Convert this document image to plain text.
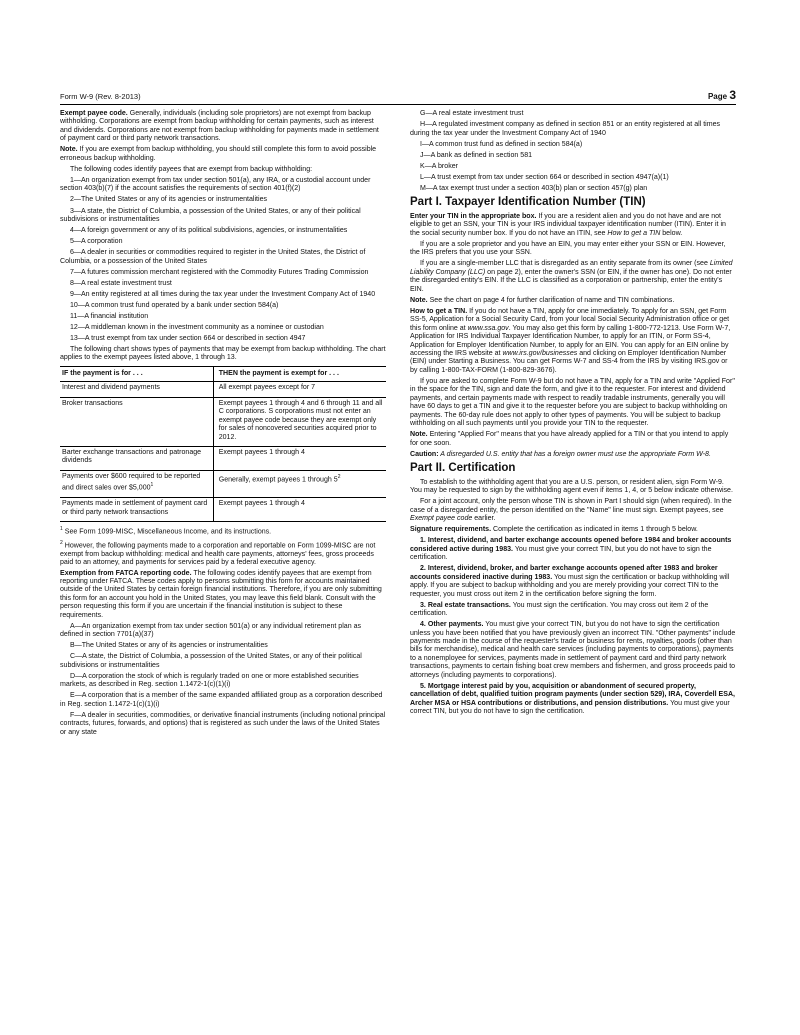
Form W-9 (Rev. 8-2013)	Page 3

Exempt payee code. Generally, individuals (including sole proprietors) are not exempt from backup withholding. Corporations are exempt from backup withholding for certain payments, such as interest and dividends. Corporations are not exempt from backup withholding for payments made in settlement of payment card or third party network transactions.

Note. If you are exempt from backup withholding, you should still complete this form to avoid possible erroneous backup withholding.

The following codes identify payees that are exempt from backup withholding:

1—An organization exempt from tax under section 501(a), any IRA, or a custodial account under section 403(b)(7) if the account satisfies the requirements of section 401(f)(2)

2—The United States or any of its agencies or instrumentalities

3—A state, the District of Columbia, a possession of the United States, or any of their political subdivisions or instrumentalities

4—A foreign government or any of its political subdivisions, agencies, or instrumentalities

5—A corporation

6—A dealer in securities or commodities required to register in the United States, the District of Columbia, or a possession of the United States

7—A futures commission merchant registered with the Commodity Futures Trading Commission

8—A real estate investment trust

9—An entity registered at all times during the tax year under the Investment Company Act of 1940

10—A common trust fund operated by a bank under section 584(a)

11—A financial institution

12—A middleman known in the investment community as a nominee or custodian

13—A trust exempt from tax under section 664 or described in section 4947

The following chart shows types of payments that may be exempt from backup withholding. The chart applies to the exempt payees listed above, 1 through 13.

IF the payment is for . . .	THEN the payment is exempt for . . .
Interest and dividend payments	All exempt payees except for 7
Broker transactions	Exempt payees 1 through 4 and 6 through 11 and all C corporations. S corporations must not enter an exempt payee code because they are exempt only for sales of noncovered securities acquired prior to 2012.
Barter exchange transactions and patronage dividends	Exempt payees 1 through 4
Payments over $600 required to be reported and direct sales over $5,000$^1$	Generally, exempt payees 1 through $5^2$
Payments made in settlement of payment card or third party network transactions	Exempt payees 1 through 4

$^1$ See Form 1099-MISC, Miscellaneous Income, and its instructions.

$^2$ However, the following payments made to a corporation and reportable on Form 1099-MISC are not exempt from backup withholding: medical and health care payments, attorneys' fees, gross proceeds paid to an attorney, and payments for services paid by a federal executive agency.

Exemption from FATCA reporting code. The following codes identify payees that are exempt from reporting under FATCA. These codes apply to persons submitting this form for accounts maintained outside of the United States by certain foreign financial institutions. Therefore, if you are only submitting this form for an account you hold in the United States, you may leave this field blank. Consult with the person requesting this form if you are uncertain if the financial institution is subject to these requirements.

A—An organization exempt from tax under section 501(a) or any individual retirement plan as defined in section 7701(a)(37)

B—The United States or any of its agencies or instrumentalities

C—A state, the District of Columbia, a possession of the United States, or any of their political subdivisions or instrumentalities

D—A corporation the stock of which is regularly traded on one or more established securities markets, as described in Reg. section 1.1472-1(c)(1)(i)

E—A corporation that is a member of the same expanded affiliated group as a corporation described in Reg. section 1.1472-1(c)(1)(i)

F—A dealer in securities, commodities, or derivative financial instruments (including notional principal contracts, futures, forwards, and options) that is registered as such under the laws of the United States or any state

G—A real estate investment trust

H—A regulated investment company as defined in section 851 or an entity registered at all times during the tax year under the Investment Company Act of 1940

I—A common trust fund as defined in section 584(a)

J—A bank as defined in section 581

K—A broker

L—A trust exempt from tax under section 664 or described in section 4947(a)(1)

M—A tax exempt trust under a section 403(b) plan or section 457(g) plan

Part I. Taxpayer Identification Number (TIN)

Enter your TIN in the appropriate box. If you are a resident alien and you do not have and are not eligible to get an SSN, your TIN is your IRS individual taxpayer identification number (ITIN). Enter it in the social security number box. If you do not have an ITIN, see How to get a TIN below.

If you are a sole proprietor and you have an EIN, you may enter either your SSN or EIN. However, the IRS prefers that you use your SSN.

If you are a single-member LLC that is disregarded as an entity separate from its owner (see Limited Liability Company (LLC) on page 2), enter the owner's SSN (or EIN, if the owner has one). Do not enter the disregarded entity's EIN. If the LLC is classified as a corporation or partnership, enter the entity's EIN.

Note. See the chart on page 4 for further clarification of name and TIN combinations.

How to get a TIN. If you do not have a TIN, apply for one immediately. To apply for an SSN, get Form SS-5, Application for a Social Security Card, from your local Social Security Administration office or get this form online at www.ssa.gov. You may also get this form by calling 1-800-772-1213. Use Form W-7, Application for IRS Individual Taxpayer Identification Number, to apply for an ITIN, or Form SS-4, Application for Employer Identification Number, to apply for an EIN. You can apply for an EIN online by accessing the IRS website at www.irs.gov/businesses and clicking on Employer Identification Number (EIN) under Starting a Business. You can get Forms W-7 and SS-4 from the IRS by visiting IRS.gov or by calling 1-800-TAX-FORM (1-800-829-3676).

If you are asked to complete Form W-9 but do not have a TIN, apply for a TIN and write "Applied For" in the space for the TIN, sign and date the form, and give it to the requester. For interest and dividend payments, and certain payments made with respect to readily tradable instruments, generally you will have 60 days to get a TIN and give it to the requester before you are subject to backup withholding on payments. The 60-day rule does not apply to other types of payments. You will be subject to backup withholding on all such payments until you provide your TIN to the requester.

Note. Entering "Applied For" means that you have already applied for a TIN or that you intend to apply for one soon.

Caution: A disregarded U.S. entity that has a foreign owner must use the appropriate Form W-8.

Part II. Certification

To establish to the withholding agent that you are a U.S. person, or resident alien, sign Form W-9. You may be requested to sign by the withholding agent even if items 1, 4, or 5 below indicate otherwise.

For a joint account, only the person whose TIN is shown in Part I should sign (when required). In the case of a disregarded entity, the person identified on the "Name" line must sign. Exempt payees, see Exempt payee code earlier.

Signature requirements. Complete the certification as indicated in items 1 through 5 below.

1. Interest, dividend, and barter exchange accounts opened before 1984 and broker accounts considered active during 1983. You must give your correct TIN, but you do not have to sign the certification.

2. Interest, dividend, broker, and barter exchange accounts opened after 1983 and broker accounts considered inactive during 1983. You must sign the certification or backup withholding will apply. If you are subject to backup withholding and you are merely providing your correct TIN to the requester, you must cross out item 2 in the certification before signing the form.

3. Real estate transactions. You must sign the certification. You may cross out item 2 of the certification.

4. Other payments. You must give your correct TIN, but you do not have to sign the certification unless you have been notified that you have previously given an incorrect TIN. "Other payments" include payments made in the course of the requester's trade or business for rents, royalties, goods (other than bills for merchandise), medical and health care services (including payments to corporations), payments to a nonemployee for services, payments made in settlement of payment card and third party network transactions, payments to certain fishing boat crew members and fishermen, and gross proceeds paid to attorneys (including payments to corporations).

5. Mortgage interest paid by you, acquisition or abandonment of secured property, cancellation of debt, qualified tuition program payments (under section 529), IRA, Coverdell ESA, Archer MSA or HSA contributions or distributions, and pension distributions. You must give your correct TIN, but you do not have to sign the certification.
